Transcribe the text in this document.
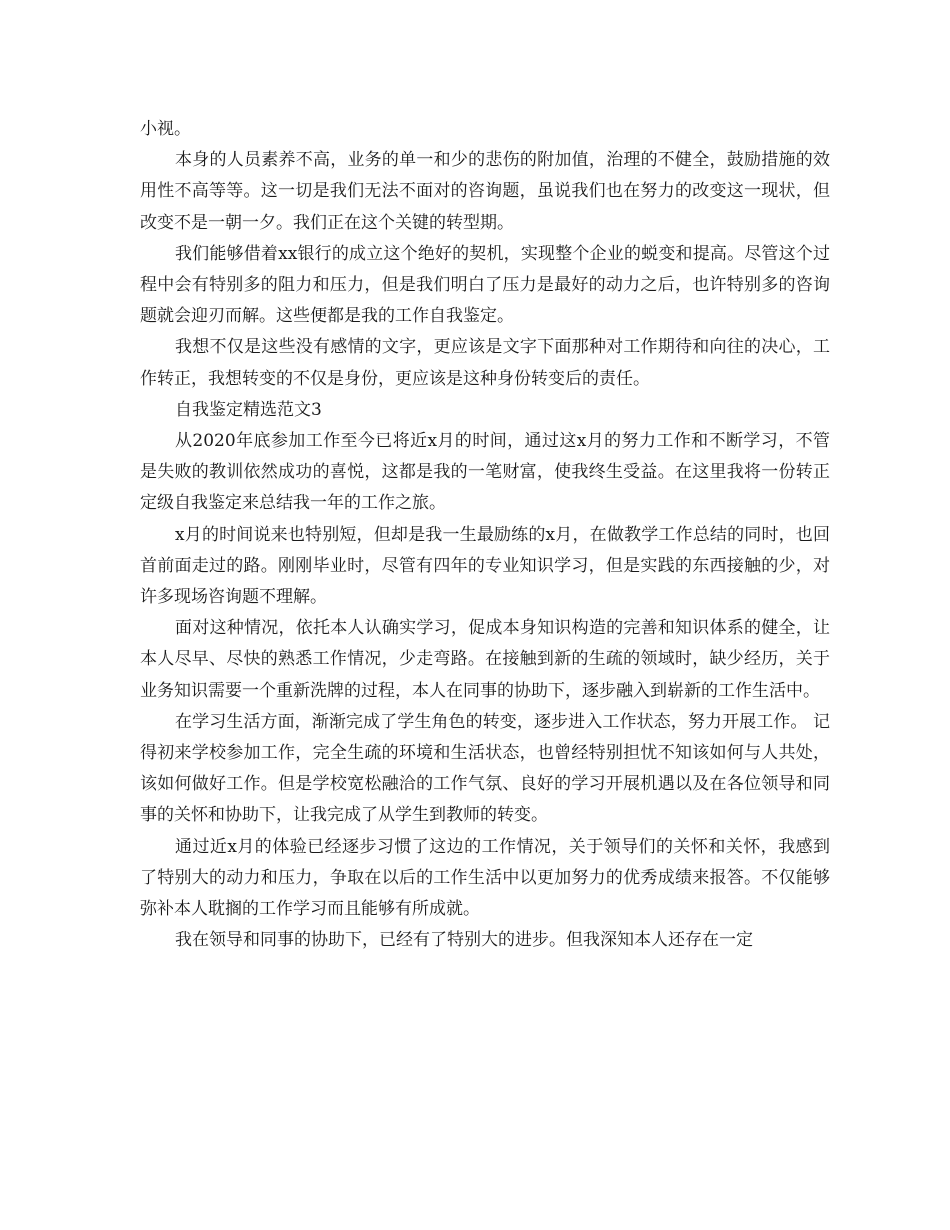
小视。

本身的人员素养不高，业务的单一和少的悲伤的附加值，治理的不健全，鼓励措施的效用性不高等等。这一切是我们无法不面对的咨询题，虽说我们也在努力的改变这一现状，但改变不是一朝一夕。我们正在这个关键的转型期。

我们能够借着xx银行的成立这个绝好的契机，实现整个企业的蜕变和提高。尽管这个过程中会有特别多的阻力和压力，但是我们明白了压力是最好的动力之后，也许特别多的咨询题就会迎刃而解。这些便都是我的工作自我鉴定。

我想不仅是这些没有感情的文字，更应该是文字下面那种对工作期待和向往的决心，工作转正，我想转变的不仅是身份，更应该是这种身份转变后的责任。

自我鉴定精选范文3

从2020年底参加工作至今已将近x月的时间，通过这x月的努力工作和不断学习，不管是失败的教训依然成功的喜悦，这都是我的一笔财富，使我终生受益。在这里我将一份转正定级自我鉴定来总结我一年的工作之旅。

x月的时间说来也特别短，但却是我一生最励练的x月，在做教学工作总结的同时，也回首前面走过的路。刚刚毕业时，尽管有四年的专业知识学习，但是实践的东西接触的少，对许多现场咨询题不理解。

面对这种情况，依托本人认确实学习，促成本身知识构造的完善和知识体系的健全，让本人尽早、尽快的熟悉工作情况，少走弯路。在接触到新的生疏的领域时，缺少经历，关于业务知识需要一个重新洗牌的过程，本人在同事的协助下，逐步融入到崭新的工作生活中。

在学习生活方面，渐渐完成了学生角色的转变，逐步进入工作状态，努力开展工作。 记得初来学校参加工作，完全生疏的环境和生活状态，也曾经特别担忧不知该如何与人共处，该如何做好工作。但是学校宽松融洽的工作气氛、良好的学习开展机遇以及在各位领导和同事的关怀和协助下，让我完成了从学生到教师的转变。

通过近x月的体验已经逐步习惯了这边的工作情况，关于领导们的关怀和关怀，我感到了特别大的动力和压力，争取在以后的工作生活中以更加努力的优秀成绩来报答。不仅能够弥补本人耽搁的工作学习而且能够有所成就。

我在领导和同事的协助下，已经有了特别大的进步。但我深知本人还存在一定
